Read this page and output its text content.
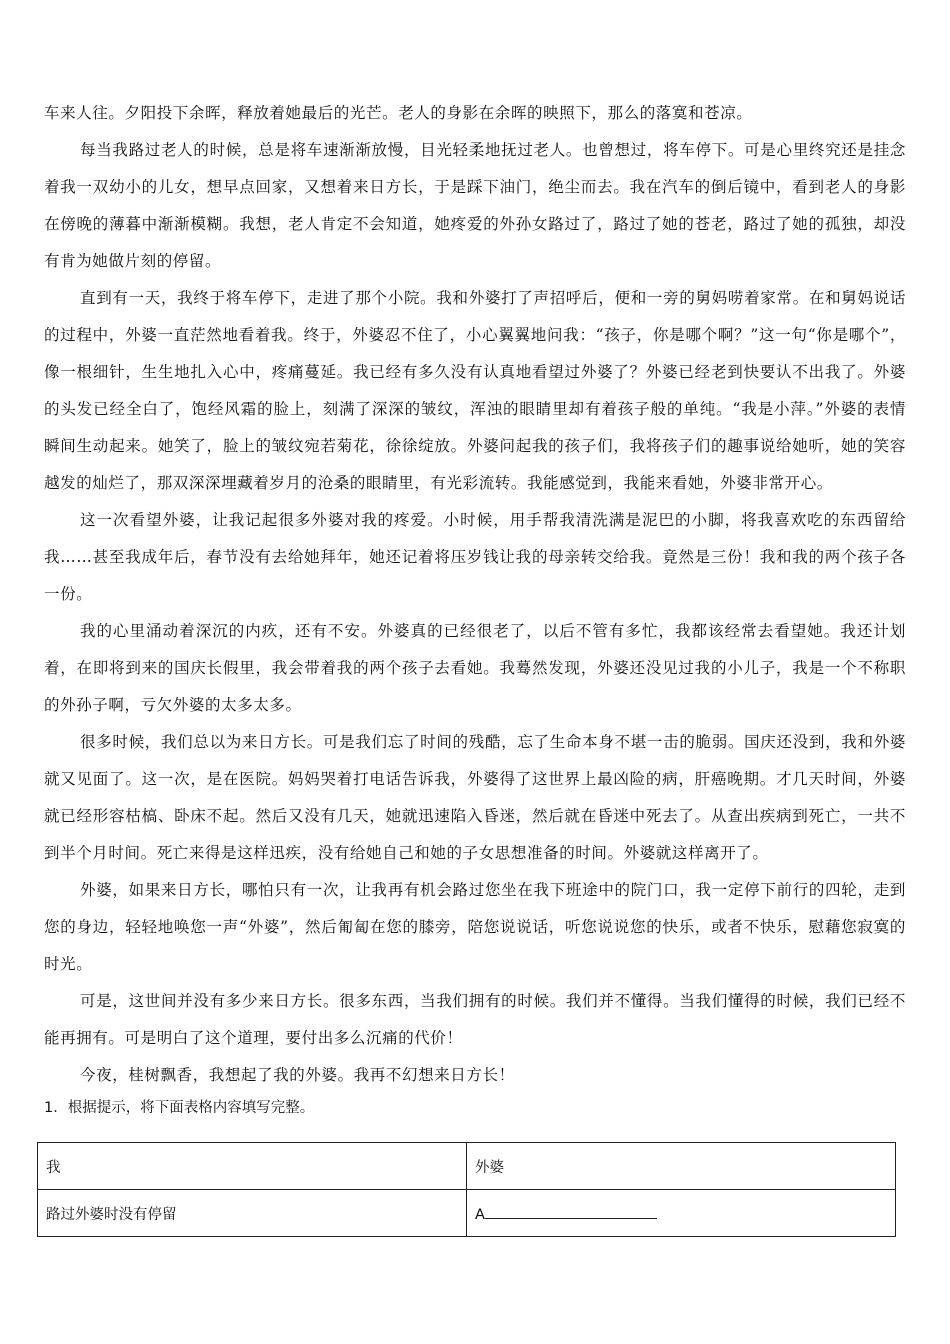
车来人往。夕阳投下余晖，释放着她最后的光芒。老人的身影在余晖的映照下，那么的落寞和苍凉。

每当我路过老人的时候，总是将车速渐渐放慢，目光轻柔地抚过老人。也曾想过，将车停下。可是心里终究还是挂念着我一双幼小的儿女，想早点回家，又想着来日方长，于是踩下油门，绝尘而去。我在汽车的倒后镜中，看到老人的身影在傍晚的薄暮中渐渐模糊。我想，老人肯定不会知道，她疼爱的外孙女路过了，路过了她的苍老，路过了她的孤独，却没有肯为她做片刻的停留。

直到有一天，我终于将车停下，走进了那个小院。我和外婆打了声招呼后，便和一旁的舅妈唠着家常。在和舅妈说话的过程中，外婆一直茫然地看着我。终于，外婆忍不住了，小心翼翼地问我：“孩子，你是哪个啊？”这一句“你是哪个”，像一根细针，生生地扎入心中，疼痛蔓延。我已经有多久没有认真地看望过外婆了？外婆已经老到快要认不出我了。外婆的头发已经全白了，饱经风霜的脸上，刻满了深深的皱纹，浑浊的眼睛里却有着孩子般的单纯。“我是小萍。”外婆的表情瞬间生动起来。她笑了，脸上的皱纹宛若菊花，徐徐绽放。外婆问起我的孩子们，我将孩子们的趣事说给她听，她的笑容越发的灿烂了，那双深深埋藏着岁月的沧桑的眼睛里，有光彩流转。我能感觉到，我能来看她，外婆非常开心。

这一次看望外婆，让我记起很多外婆对我的疼爱。小时候，用手帮我清洗满是泥巴的小脚，将我喜欢吃的东西留给我……甚至我成年后，春节没有去给她拜年，她还记着将压岁钱让我的母亲转交给我。竟然是三份！我和我的两个孩子各一份。

我的心里涌动着深沉的内疚，还有不安。外婆真的已经很老了，以后不管有多忙，我都该经常去看望她。我还计划着，在即将到来的国庆长假里，我会带着我的两个孩子去看她。我蓦然发现，外婆还没见过我的小儿子，我是一个不称职的外孙子啊，亏欠外婆的太多太多。

很多时候，我们总以为来日方长。可是我们忘了时间的残酷，忘了生命本身不堪一击的脆弱。国庆还没到，我和外婆就又见面了。这一次，是在医院。妈妈哭着打电话告诉我，外婆得了这世界上最凶险的病，肝癌晚期。才几天时间，外婆就已经形容枯槁、卧床不起。然后又没有几天，她就迅速陷入昏迷，然后就在昏迷中死去了。从查出疾病到死亡，一共不到半个月时间。死亡来得是这样迅疾，没有给她自己和她的子女思想准备的时间。外婆就这样离开了。

外婆，如果来日方长，哪怕只有一次，让我再有机会路过您坐在我下班途中的院门口，我一定停下前行的四轮，走到您的身边，轻轻地唤您一声“外婆”，然后匍匐在您的膝旁，陪您说说话，听您说说您的快乐，或者不快乐，慰藉您寂寞的时光。

可是，这世间并没有多少来日方长。很多东西，当我们拥有的时候。我们并不懂得。当我们懂得的时候，我们已经不能再拥有。可是明白了这个道理，要付出多么沉痛的代价！

今夜，桂树飘香，我想起了我的外婆。我再不幻想来日方长！

1．根据提示，将下面表格内容填写完整。

我	外婆
路过外婆时没有停留	A
